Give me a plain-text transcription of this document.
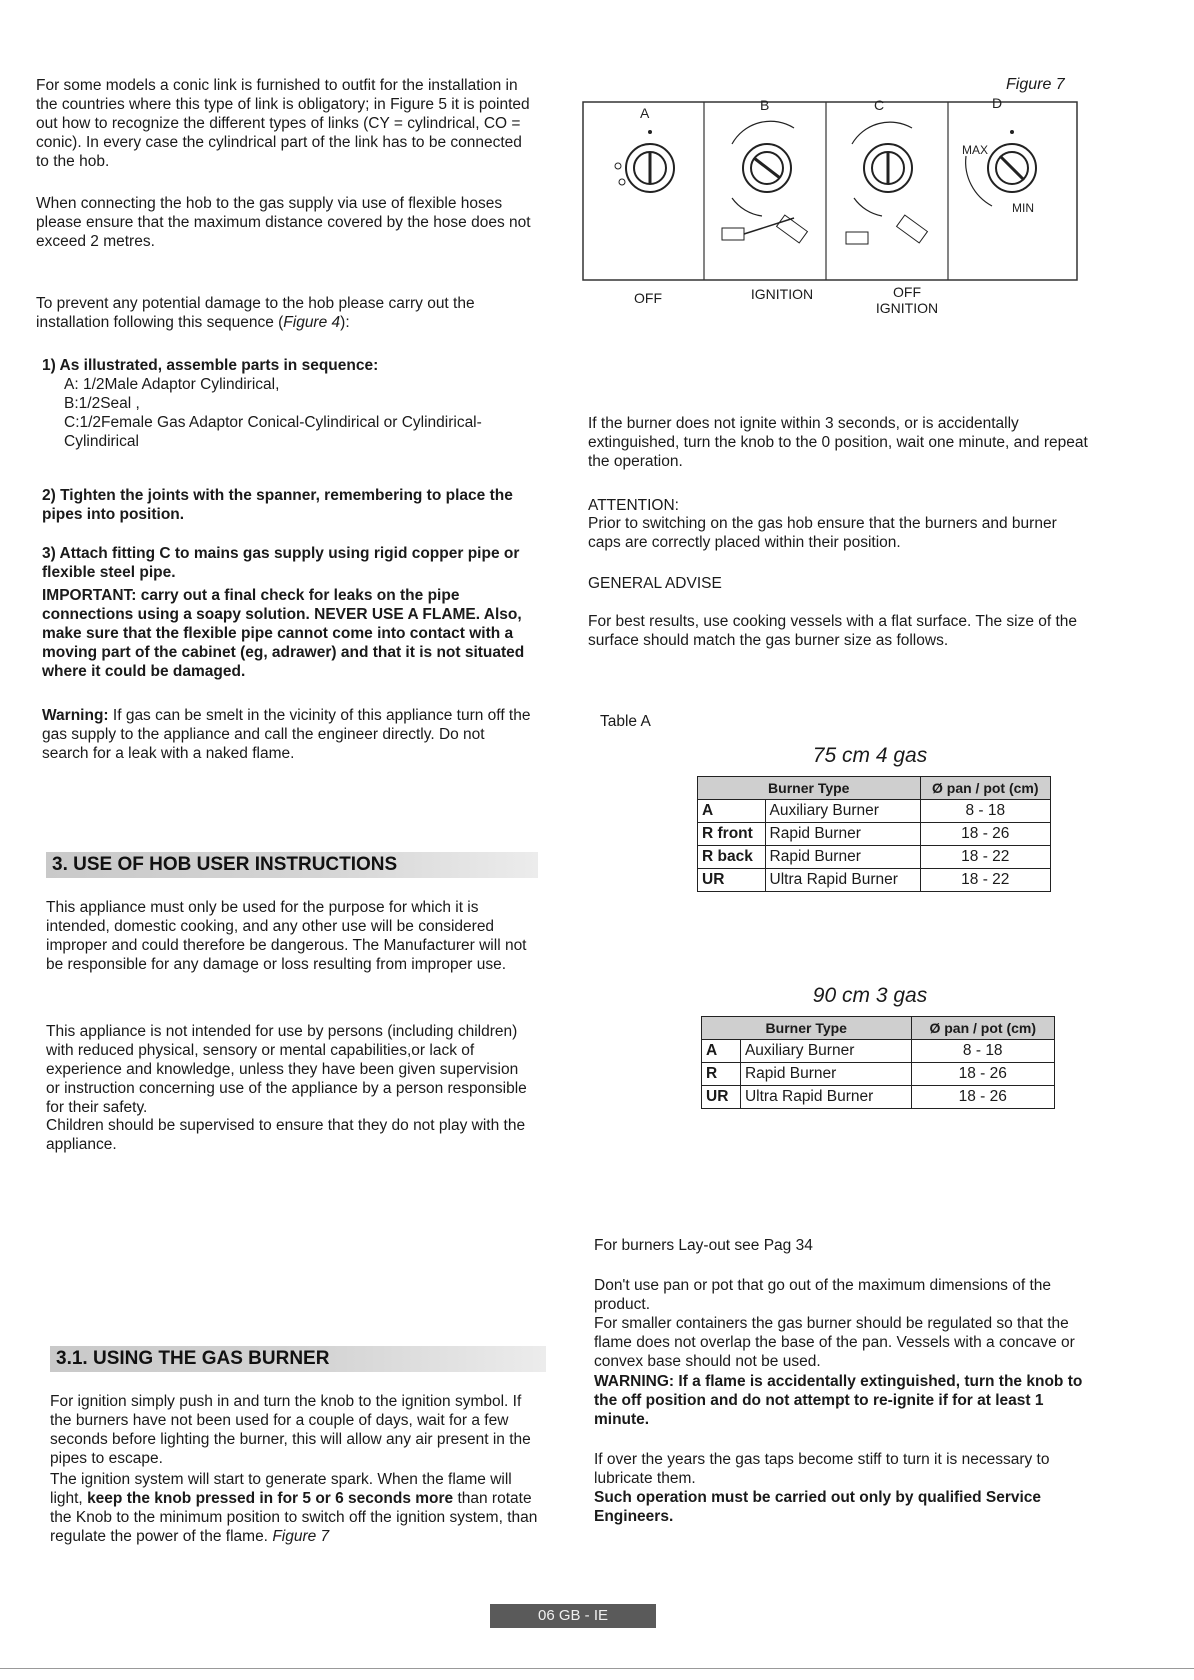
For some models a conic link is furnished to outfit for the installation in the countries where this type of link is obligatory; in Figure 5 it is pointed out how to recognize the different types of links (CY = cylindrical, CO = conic). In every case the cylindrical part of the link has to be connected to the hob.

When connecting the hob to the gas supply via use of flexible hoses please ensure that the maximum distance covered by the hose does not exceed 2 metres.

To prevent any potential damage to the hob please carry out the installation following this sequence (Figure 4):

1) As illustrated, assemble parts in sequence:
A: 1/2Male Adaptor Cylindirical,
B:1/2Seal ,
C:1/2Female Gas Adaptor Conical-Cylindirical or Cylindirical-Cylindirical

2) Tighten the joints with the spanner, remembering to place the pipes into position.

3) Attach fitting C to mains gas supply using rigid copper pipe or flexible steel pipe.

IMPORTANT: carry out a final check for leaks on the pipe connections using a soapy solution. NEVER USE A FLAME. Also, make sure that the flexible pipe cannot come into contact with a moving part of the cabinet (eg, adrawer) and that it is not situated where it could be damaged.

Warning: If gas can be smelt in the vicinity of this appliance turn off the gas supply to the appliance and call the engineer directly. Do not search for a leak with a naked flame.

3. USE OF HOB USER INSTRUCTIONS

This appliance must only be used for the purpose for which it is intended, domestic cooking, and any other use will be considered improper and could therefore be dangerous. The Manufacturer will not be responsible for any damage or loss resulting from improper use.

This appliance is not intended for use by persons (including children) with reduced physical, sensory or mental capabilities,or lack of experience and knowledge, unless they have been given supervision or instruction concerning use of the appliance by a person responsible for their safety.

Children should be supervised to ensure that they do not play with the appliance.

3.1. USING THE GAS BURNER

For ignition simply push in and turn the knob to the ignition symbol. If the burners have not been used for a couple of days, wait for a few seconds before lighting the burner, this will allow any air present in the pipes to escape.

The ignition system will start to generate spark. When the flame will light, keep the knob pressed in for 5 or 6 seconds more than rotate the Knob to the minimum position to switch off the ignition system, than regulate the power of the flame. Figure 7

Figure 7
A	B	C	D
MAX
MIN
OFF	IGNITION	OFF
IGNITION

If the burner does not ignite within 3 seconds, or is accidentally extinguished, turn the knob to the 0 position, wait one minute, and repeat the operation.

ATTENTION:

Prior to switching on the gas hob ensure that the burners and burner caps are correctly placed within their position.

GENERAL ADVISE

For best results, use cooking vessels with a flat surface. The size of the surface should match the gas burner size as follows.

Table A

75 cm 4 gas
Burner Type		Ø pan / pot (cm)
A	Auxiliary Burner	8 - 18
R front	Rapid Burner	18 - 26
R back	Rapid Burner	18 - 22
UR	Ultra Rapid Burner	18 - 22
90 cm 3 gas
Burner Type		Ø pan / pot (cm)
A	Auxiliary Burner	8 - 18
R	Rapid Burner	18 - 26
UR	Ultra Rapid Burner	18 - 26

For burners Lay-out see Pag 34

Don't use pan or pot that go out of the maximum dimensions of the product.

For smaller containers the gas burner should be regulated so that the flame does not overlap the base of the pan. Vessels with a concave or convex base should not be used.

WARNING: If a flame is accidentally extinguished, turn the knob to the off position and do not attempt to re-ignite if for at least 1 minute.

If over the years the gas taps become stiff to turn it is necessary to lubricate them.

Such operation must be carried out only by qualified Service Engineers.

06 GB - IE
